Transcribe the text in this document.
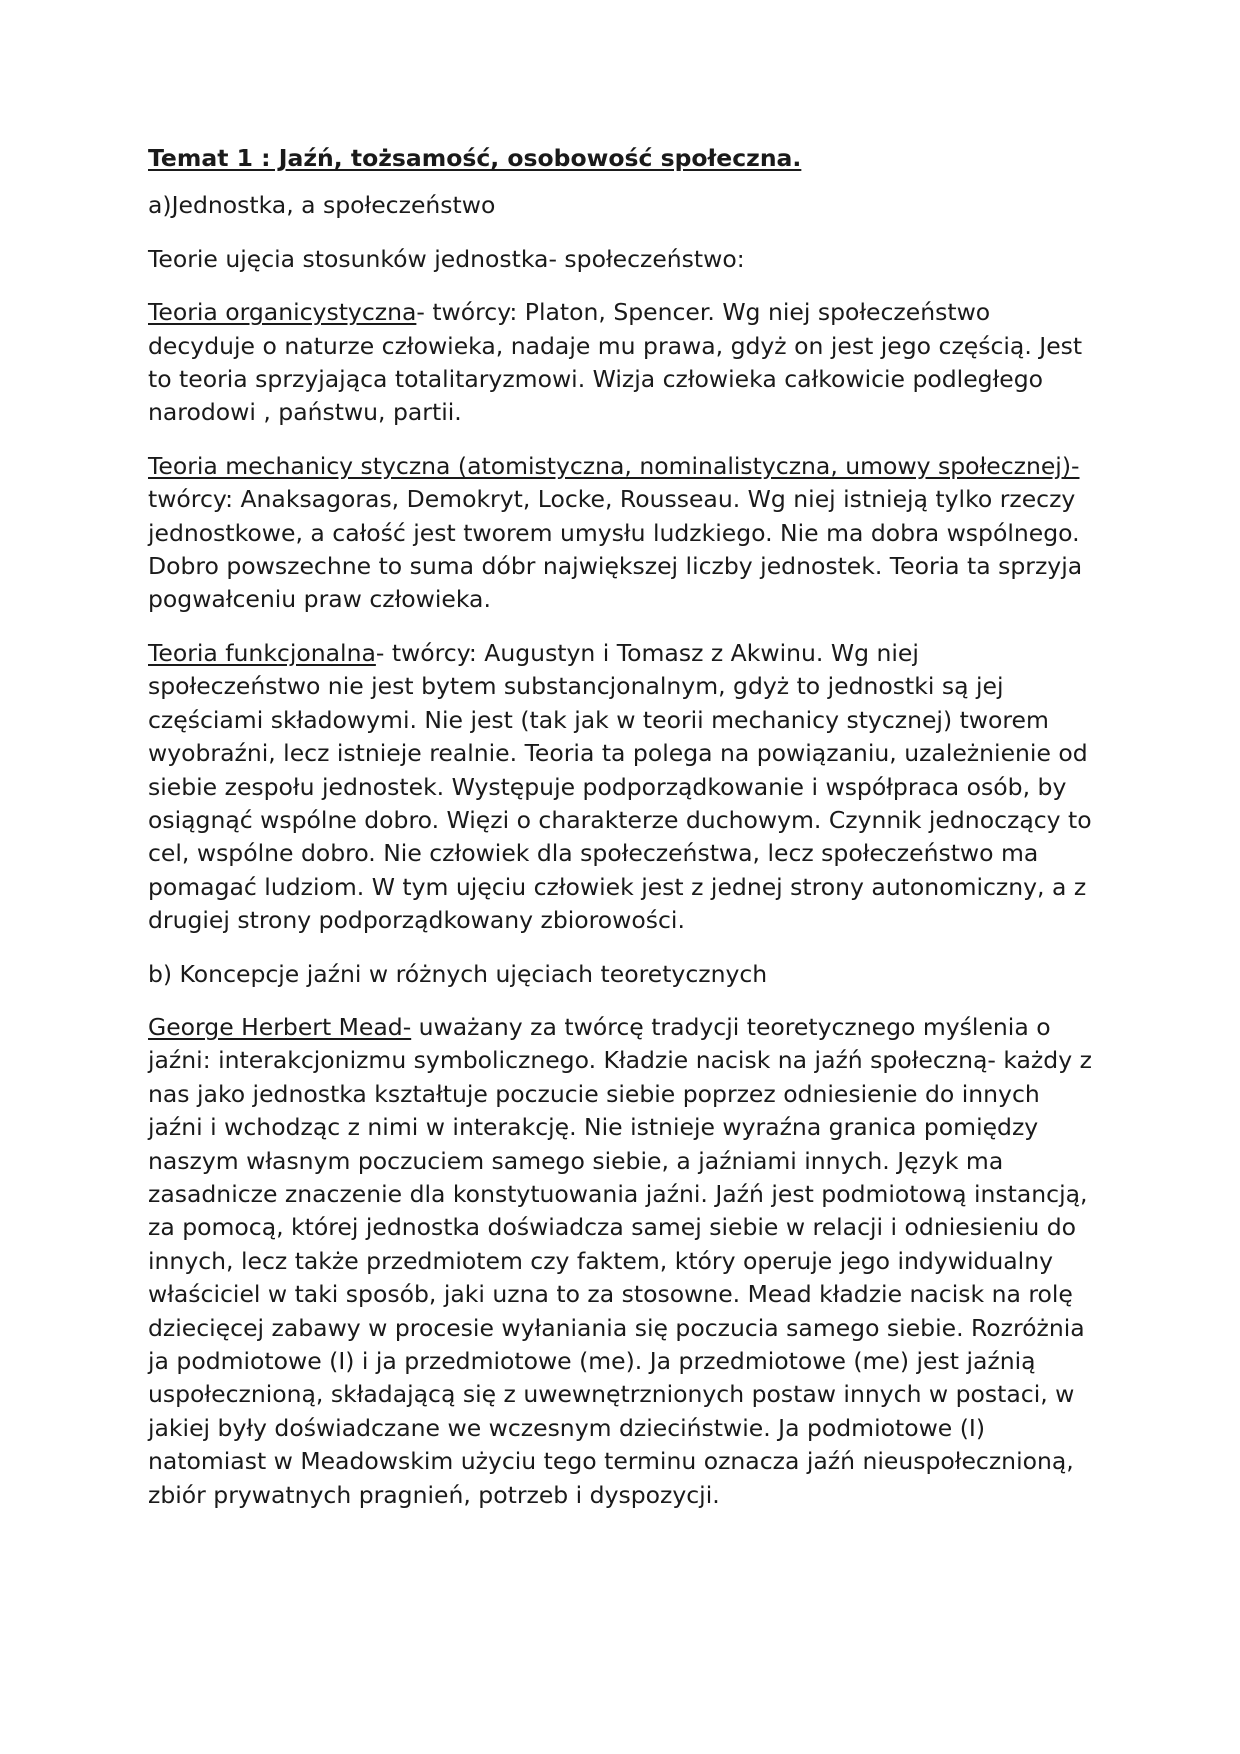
Temat 1 : Jaźń, tożsamość, osobowość społeczna.

a)Jednostka, a społeczeństwo

Teorie ujęcia stosunków jednostka- społeczeństwo:

Teoria organicystyczna- twórcy: Platon, Spencer. Wg niej społeczeństwo decyduje o naturze człowieka, nadaje mu prawa, gdyż on jest jego częścią. Jest to teoria sprzyjająca totalitaryzmowi. Wizja człowieka całkowicie podległego narodowi , państwu, partii.

Teoria mechanicy styczna (atomistyczna, nominalistyczna, umowy społecznej)- twórcy: Anaksagoras, Demokryt, Locke, Rousseau. Wg niej istnieją tylko rzeczy jednostkowe, a całość jest tworem umysłu ludzkiego. Nie ma dobra wspólnego. Dobro powszechne to suma dóbr największej liczby jednostek. Teoria ta sprzyja pogwałceniu praw człowieka.

Teoria funkcjonalna- twórcy: Augustyn i Tomasz z Akwinu. Wg niej społeczeństwo nie jest bytem substancjonalnym, gdyż to jednostki są jej częściami składowymi. Nie jest (tak jak w teorii mechanicy stycznej) tworem wyobraźni, lecz istnieje realnie. Teoria ta polega na powiązaniu, uzależnienie od siebie zespołu jednostek. Występuje podporządkowanie i współpraca osób, by osiągnąć wspólne dobro. Więzi o charakterze duchowym. Czynnik jednoczący to cel, wspólne dobro. Nie człowiek dla społeczeństwa, lecz społeczeństwo ma pomagać ludziom. W tym ujęciu człowiek jest z jednej strony autonomiczny, a z drugiej strony podporządkowany zbiorowości.

b) Koncepcje jaźni w różnych ujęciach teoretycznych

George Herbert Mead- uważany za twórcę tradycji teoretycznego myślenia o jaźni: interakcjonizmu symbolicznego. Kładzie nacisk na jaźń społeczną- każdy z nas jako jednostka kształtuje poczucie siebie poprzez odniesienie do innych jaźni i wchodząc z nimi w interakcję. Nie istnieje wyraźna granica pomiędzy naszym własnym poczuciem samego siebie, a jaźniami innych. Język ma zasadnicze znaczenie dla konstytuowania jaźni. Jaźń jest podmiotową instancją, za pomocą, której jednostka doświadcza samej siebie w relacji i odniesieniu do innych, lecz także przedmiotem czy faktem, który operuje jego indywidualny właściciel w taki sposób, jaki uzna to za stosowne. Mead kładzie nacisk na rolę dziecięcej zabawy w procesie wyłaniania się poczucia samego siebie. Rozróżnia ja podmiotowe (I) i ja przedmiotowe (me). Ja przedmiotowe (me) jest jaźnią uspołecznioną, składającą się z uwewnętrznionych postaw innych w postaci, w jakiej były doświadczane we wczesnym dzieciństwie. Ja podmiotowe (I) natomiast w Meadowskim użyciu tego terminu oznacza jaźń nieuspołecznioną, zbiór prywatnych pragnień, potrzeb i dyspozycji.
